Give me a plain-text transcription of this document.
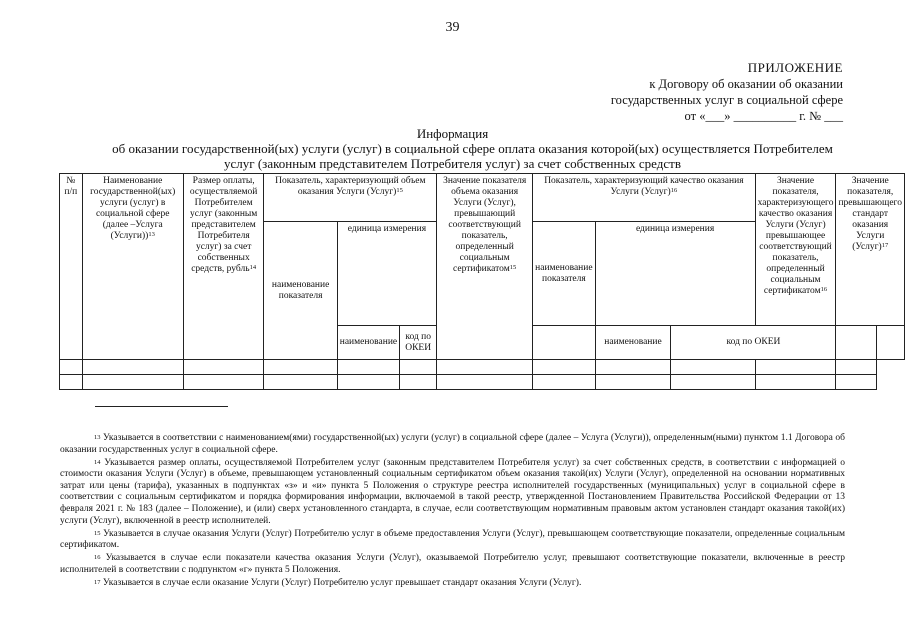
39
ПРИЛОЖЕНИЕ
к Договору об оказании об оказании
государственных услуг в социальной сфере
от «___» __________ г. № ___
Информация
об оказании государственной(ых) услуги (услуг) в социальной сфере оплата оказания которой(ых) осуществляется Потребителем
услуг (законным представителем Потребителя услуг) за счет собственных средств
№ п/п	Наименование государственной(ых) услуги (услуг) в социальной сфере (далее –Услуга (Услуги))$^{13}$	Размер оплаты, осуществляемой Потребителем услуг (законным представителем Потребителя услуг) за счет собственных средств, рубль$^{14}$	Показатель, характеризующий объем оказания Услуги (Услуг)$^{15}$			Значение показателя объема оказания Услуги (Услуг), превышающий соответствующий показатель, определенный социальным сертификатом$^{15}$	Показатель, характеризующий качество оказания Услуги (Услуг)$^{16}$			Значение показателя, характеризующего качество оказания Услуги (Услуг) превышающее соответствующий показатель, определенный социальным сертификатом$^{16}$	Значение показателя, превышающего стандарт оказания Услуги (Услуг)$^{17}$
			наименование показателя	единица измерения								
							наименование показателя	единица измерения				
				наименование	код по ОКЕИ			наименование	код по ОКЕИ			

$^{13}$ Указывается в соответствии с наименованием(ями) государственной(ых) услуги (услуг) в социальной сфере (далее – Услуга (Услуги)), определенным(ными) пунктом 1.1 Договора об оказании государственных услуг в социальной сфере.

$^{14}$ Указывается размер оплаты, осуществляемой Потребителем услуг (законным представителем Потребителя услуг) за счет собственных средств, в соответствии с информацией о стоимости оказания Услуги (Услуг) в объеме, превышающем установленный социальным сертификатом объем оказания такой(их) Услуги (Услуг), определенной на основании нормативных затрат или цены (тарифа), указанных в подпунктах «з» и «и» пункта 5 Положения о структуре реестра исполнителей государственных (муниципальных) услуг в социальной сфере в соответствии с социальным сертификатом и порядка формирования информации, включаемой в такой реестр, утвержденной Постановлением Правительства Российской Федерации от 13 февраля 2021 г. № 183 (далее – Положение), и (или) сверх установленного стандарта, в случае, если соответствующим нормативным правовым актом установлен стандарт оказания такой(их) услуги (Услуг), включенной в реестр исполнителей.

$^{15}$ Указывается в случае оказания Услуги (Услуг) Потребителю услуг в объеме предоставления Услуги (Услуг), превышающем соответствующие показатели, определенные социальным сертификатом.

$^{16}$ Указывается в случае если показатели качества оказания Услуги (Услуг), оказываемой Потребителю услуг, превышают соответствующие показатели, включенные в реестр исполнителей в соответствии с подпунктом «г» пункта 5 Положения.

$^{17}$ Указывается в случае если оказание Услуги (Услуг) Потребителю услуг превышает стандарт оказания Услуги (Услуг).
